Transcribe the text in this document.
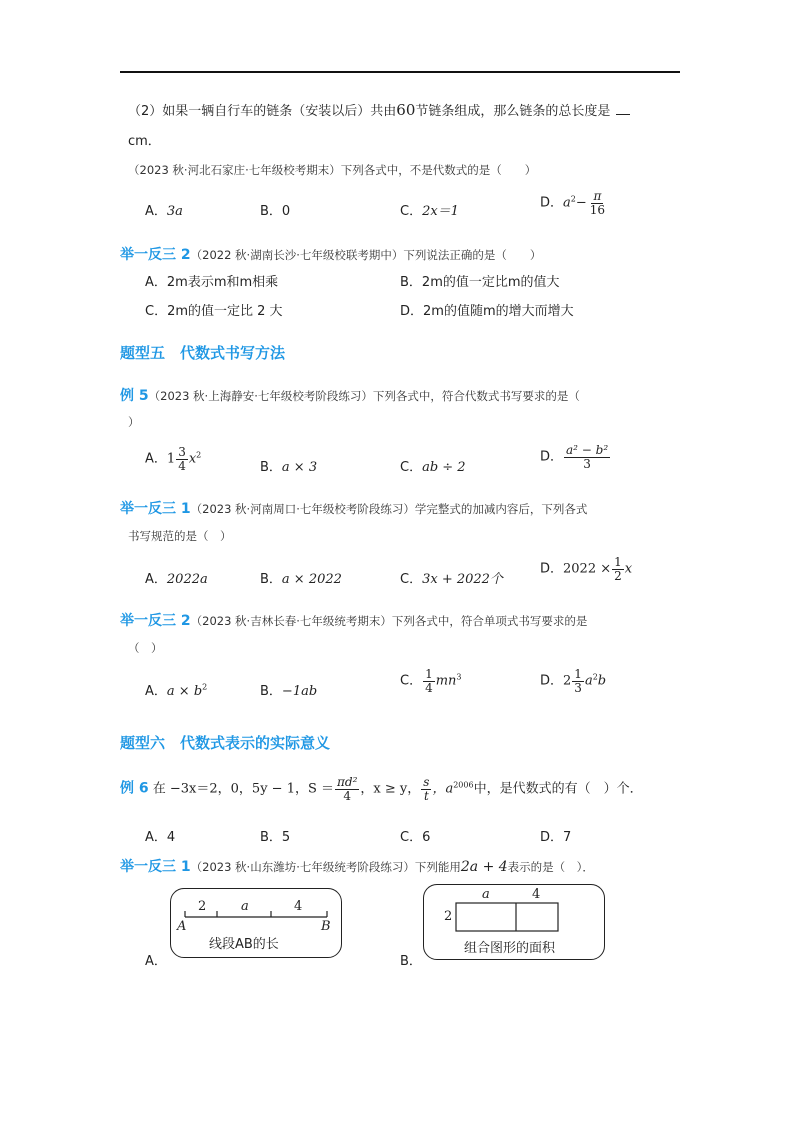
（2）如果一辆自行车的链条（安装以后）共由60节链条组成，那么链条的总长度是
cm．
（2023 秋·河北石家庄·七年级校考期末）下列各式中，不是代数式的是（　　）
A．3a	B．0	C．2x＝1
D．$a^2- \frac{\pi}{16}$
举一反三 2（2022 秋·湖南长沙·七年级校联考期中）下列说法正确的是（　　）
A．2m表示m和m相乘	B．2m的值一定比m的值大
C．2m的值一定比 2 大	D．2m的值随m的增大而增大
题型五　代数式书写方法
例 5（2023 秋·上海静安·七年级校考阶段练习）下列各式中，符合代数式书写要求的是（
）
A．$1 \frac{3}{4} x^2$
B．a × 3	C．ab ÷ 2
D． $\frac{\text{a² − b²}}{3}$
举一反三 1（2023 秋·河南周口·七年级校考阶段练习）学完整式的加减内容后，下列各式
书写规范的是（　）
A．2022a	B．a × 2022	C．3x + 2022个
D．$2022 \times \frac{1}{2}$ x
举一反三 2（2023 秋·吉林长春·七年级统考期末）下列各式中，符合单项式书写要求的是
（　）
A．$a \times b^2$	B．−1ab
C． $\frac{1}{4} mn^3$	D．$2 \frac{1}{3} a^2b$
题型六　代数式表示的实际意义
例 6 在 −3x＝2，0，5y − 1，$S = \frac{\text{πd²}}{4}$ ，x ≥ y， $\frac{s}{t}$ ，$a^{2006}$中，是代数式的有（　）个．
A．4	B．5	C．6	D．7
举一反三 1（2023 秋·山东潍坊·七年级统考阶段练习）下列能用2a + 4表示的是（　）．
A．
2	a	4
A	B
线段AB的长
B．
a	4
2
组合图形的面积
